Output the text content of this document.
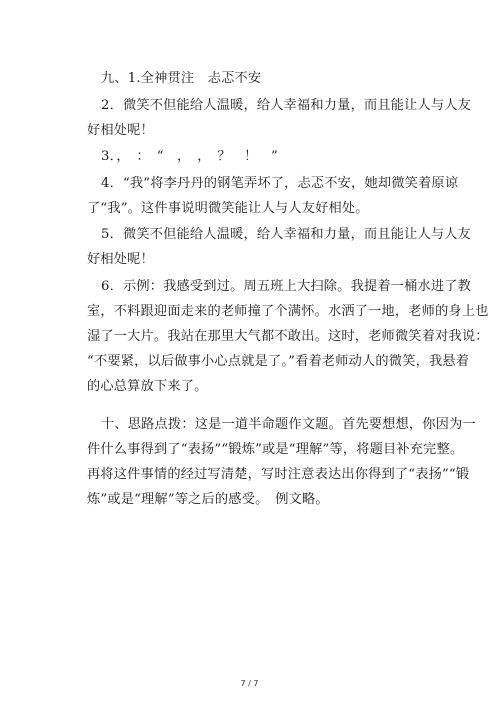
九、1.全神贯注　忐忑不安
2．微笑不但能给人温暖，给人幸福和力量，而且能让人与人友
好相处呢！
3．，　：　“　，　，　？　！　”
4．“我”将李丹丹的钢笔弄坏了，忐忑不安，她却微笑着原谅
了“我”。这件事说明微笑能让人与人友好相处。
5．微笑不但能给人温暖，给人幸福和力量，而且能让人与人友
好相处呢！
6．示例：我感受到过。周五班上大扫除。我提着一桶水进了教
室，不料跟迎面走来的老师撞了个满怀。水洒了一地，老师的身上也
湿了一大片。我站在那里大气都不敢出。这时，老师微笑着对我说：
“不要紧，以后做事小心点就是了。”看着老师动人的微笑，我悬着
的心总算放下来了。
十、思路点拨：这是一道半命题作文题。首先要想想，你因为一
件什么事得到了“表扬”“锻炼”或是“理解”等，将题目补充完整。
再将这件事情的经过写清楚，写时注意表达出你得到了“表扬”“锻
炼”或是“理解”等之后的感受。　例文略。
7 / 7
